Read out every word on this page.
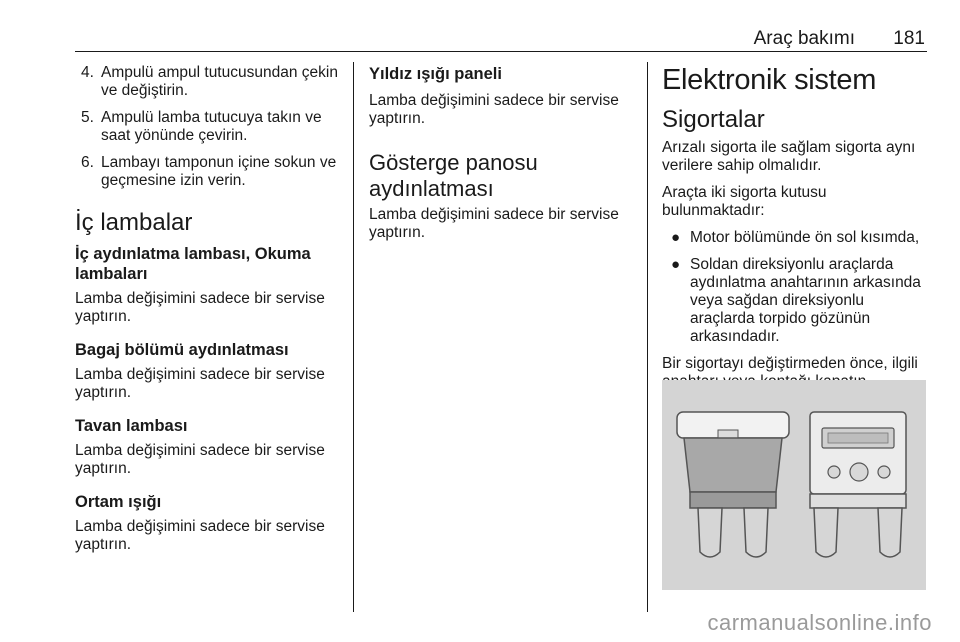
Araç bakımı 181
4. Ampulü ampul tutucusundan çekin ve değiştirin.
5. Ampulü lamba tutucuya takın ve saat yönünde çevirin.
6. Lambayı tamponun içine sokun ve geçmesine izin verin.
İç lambalar
İç aydınlatma lambası, Okuma lambaları

Lamba değişimini sadece bir servise yaptırın.

Bagaj bölümü aydınlatması

Lamba değişimini sadece bir servise yaptırın.

Tavan lambası

Lamba değişimini sadece bir servise yaptırın.

Ortam ışığı

Lamba değişimini sadece bir servise yaptırın.

Yıldız ışığı paneli

Lamba değişimini sadece bir servise yaptırın.

Gösterge panosu aydınlatması

Lamba değişimini sadece bir servise yaptırın.

Elektronik sistem
Sigortalar

Arızalı sigorta ile sağlam sigorta aynı verilere sahip olmalıdır.

Araçta iki sigorta kutusu bulunmaktadır:

● Motor bölümünde ön sol kısımda,
● Soldan direksiyonlu araçlarda aydınlatma anahtarının arkasında veya sağdan direksiyonlu araçlarda torpido gözünün arkasındadır.

Bir sigortayı değiştirmeden önce, ilgili

carmanualsonline.info
